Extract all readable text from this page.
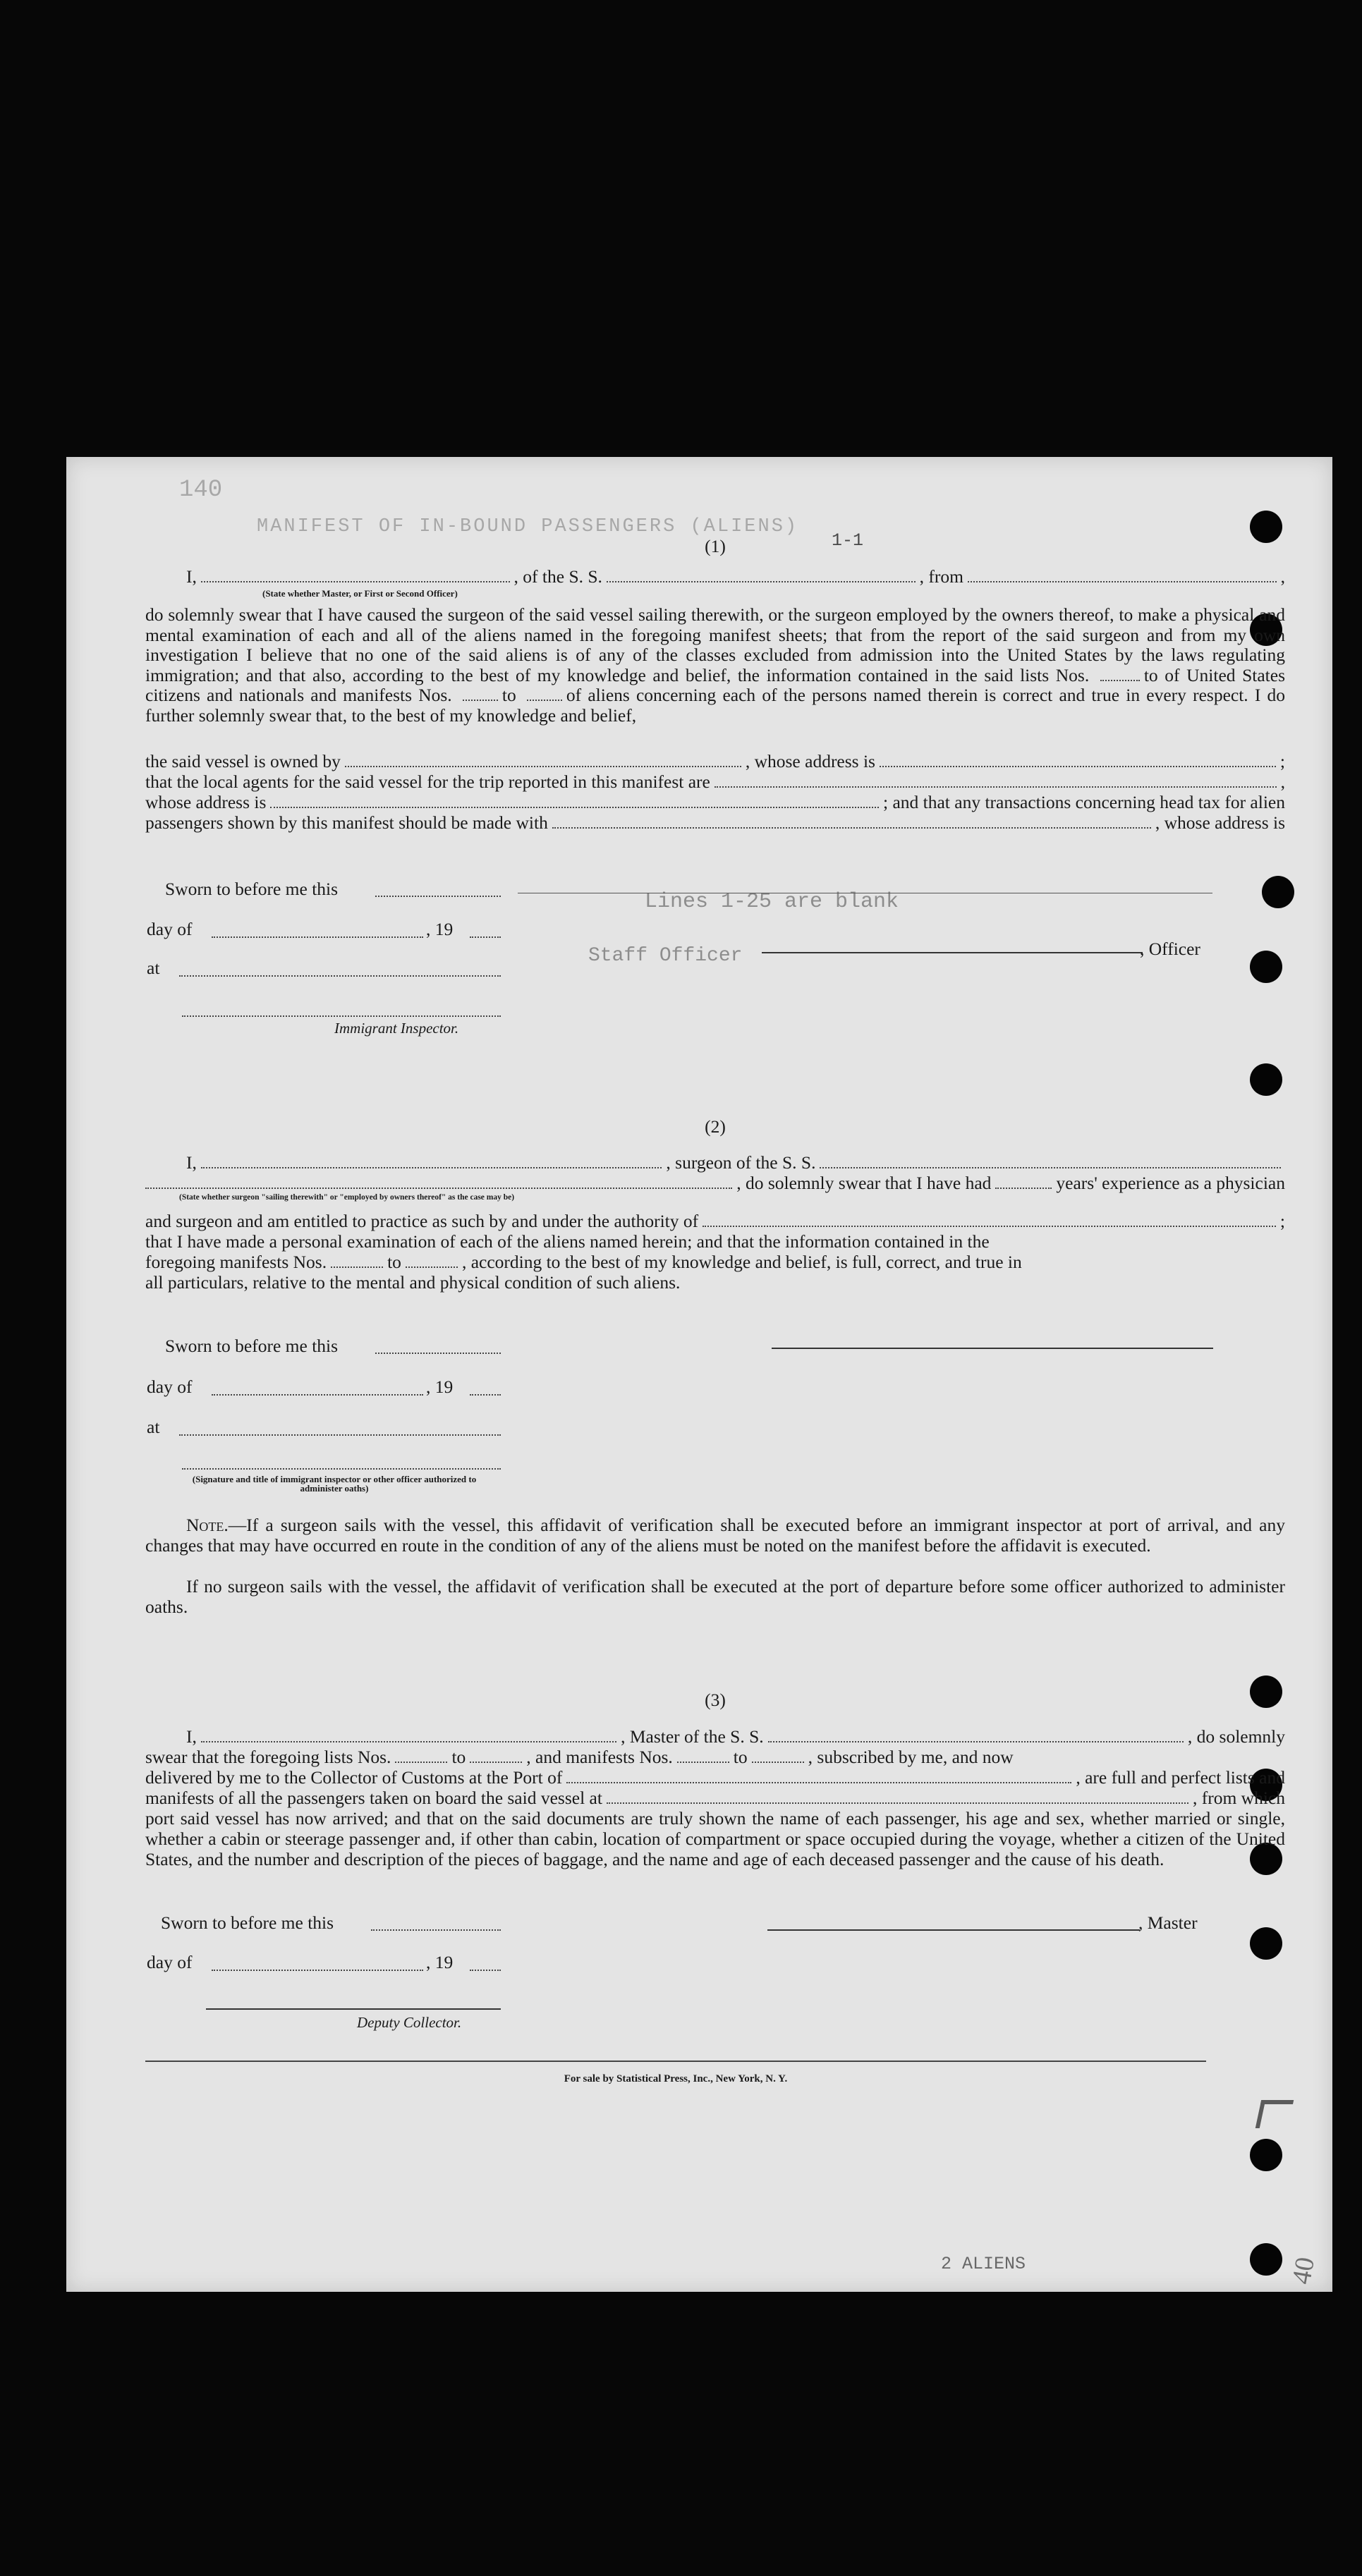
140
MANIFEST OF IN-BOUND PASSENGERS (ALIENS)
1-1
Lines 1-25 are blank
Staff Officer
2 ALIENS	40
(1)
I,	, of the S. S.	, from	,
(State whether Master, or First or Second Officer)
do solemnly swear that I have caused the surgeon of the said vessel sailing therewith, or the surgeon employed by the owners thereof, to make a physical and mental examination of each and all of the aliens named in the foregoing manifest sheets; that from the report of the said surgeon and from my own investigation I believe that no one of the said aliens is of any of the classes excluded from admission into the United States by the laws regulating immigration; and that also, according to the best of my knowledge and belief, the information contained in the said lists Nos.	to of United States citizens and nationals and manifests Nos.	to	of aliens concerning each of the persons named therein is correct and true in every respect. I do further solemnly swear that, to the best of my knowledge and belief,
the said vessel is owned by	, whose address is	;
that the local agents for the said vessel for the trip reported in this manifest are	,
whose address is	; and that any transactions concerning head tax for alien
passengers shown by this manifest should be made with	, whose address is
Sworn to before me this
day of	, 19
at
Immigrant Inspector.
, Officer
(2)
I,	, surgeon of the S. S.
, do solemnly swear that I have had	years' experience as a physician
(State whether surgeon "sailing therewith" or "employed by owners thereof" as the case may be)
and surgeon and am entitled to practice as such by and under the authority of	;
that I have made a personal examination of each of the aliens named herein; and that the information contained in the
foregoing manifests Nos.	to	, according to the best of my knowledge and belief, is full, correct, and true in
all particulars, relative to the mental and physical condition of such aliens.
Sworn to before me this
day of	, 19
at
(Signature and title of immigrant inspector or other officer authorized to administer oaths)
Note.—If a surgeon sails with the vessel, this affidavit of verification shall be executed before an immigrant inspector at port of arrival, and any changes that may have occurred en route in the condition of any of the aliens must be noted on the manifest before the affidavit is executed.
If no surgeon sails with the vessel, the affidavit of verification shall be executed at the port of departure before some officer authorized to administer oaths.
(3)
I,	, Master of the S. S.	, do solemnly
swear that the foregoing lists Nos.	to	, and manifests Nos.	to	, subscribed by me, and now
delivered by me to the Collector of Customs at the Port of	, are full and perfect lists and
manifests of all the passengers taken on board the said vessel at	, from which
port said vessel has now arrived; and that on the said documents are truly shown the name of each passenger, his age and sex, whether married or single, whether a cabin or steerage passenger and, if other than cabin, location of compartment or space occupied during the voyage, whether a citizen of the United States, and the number and description of the pieces of baggage, and the name and age of each deceased passenger and the cause of his death.
Sworn to before me this	, Master
day of	, 19
Deputy Collector.
For sale by Statistical Press, Inc., New York, N. Y.
